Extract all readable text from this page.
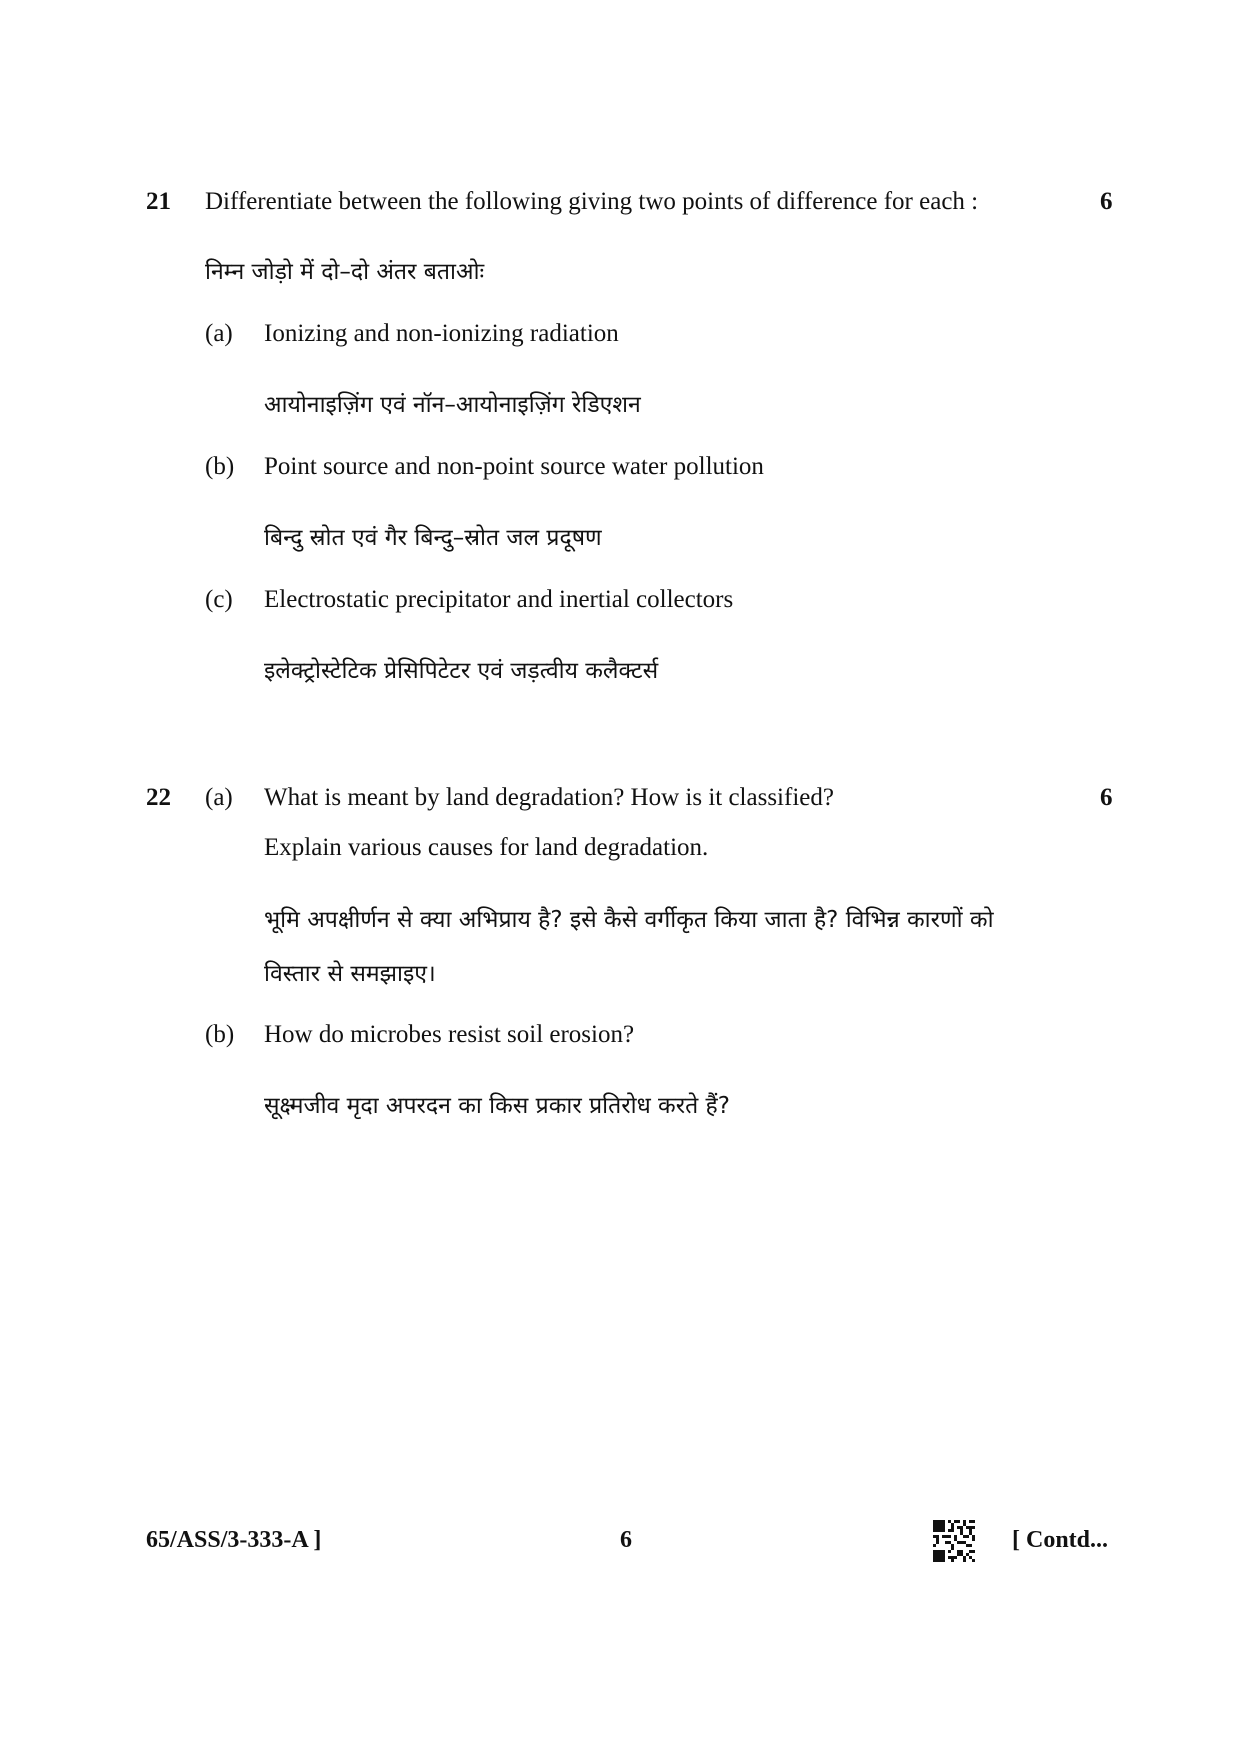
21 Differentiate between the following giving two points of difference for each :	6
निम्न जोड़ो में दो–दो अंतर बताओः
(a) Ionizing and non-ionizing radiation
आयोनाइज़िंग एवं नॉन–आयोनाइज़िंग रेडिएशन
(b) Point source and non-point source water pollution
बिन्दु स्रोत एवं गैर बिन्दु–स्रोत जल प्रदूषण
(c) Electrostatic precipitator and inertial collectors
इलेक्ट्रोस्टेटिक प्रेसिपिटेटर एवं जड़त्वीय कलैक्टर्स
22 (a) What is meant by land degradation? How is it classified?	6
Explain various causes for land degradation.
भूमि अपक्षीर्णन से क्या अभिप्राय है? इसे कैसे वर्गीकृत किया जाता है? विभिन्न कारणों को
विस्तार से समझाइए।
(b) How do microbes resist soil erosion?
सूक्ष्मजीव मृदा अपरदन का किस प्रकार प्रतिरोध करते हैं?
65/ASS/3-333-A ]	6	[ Contd...
